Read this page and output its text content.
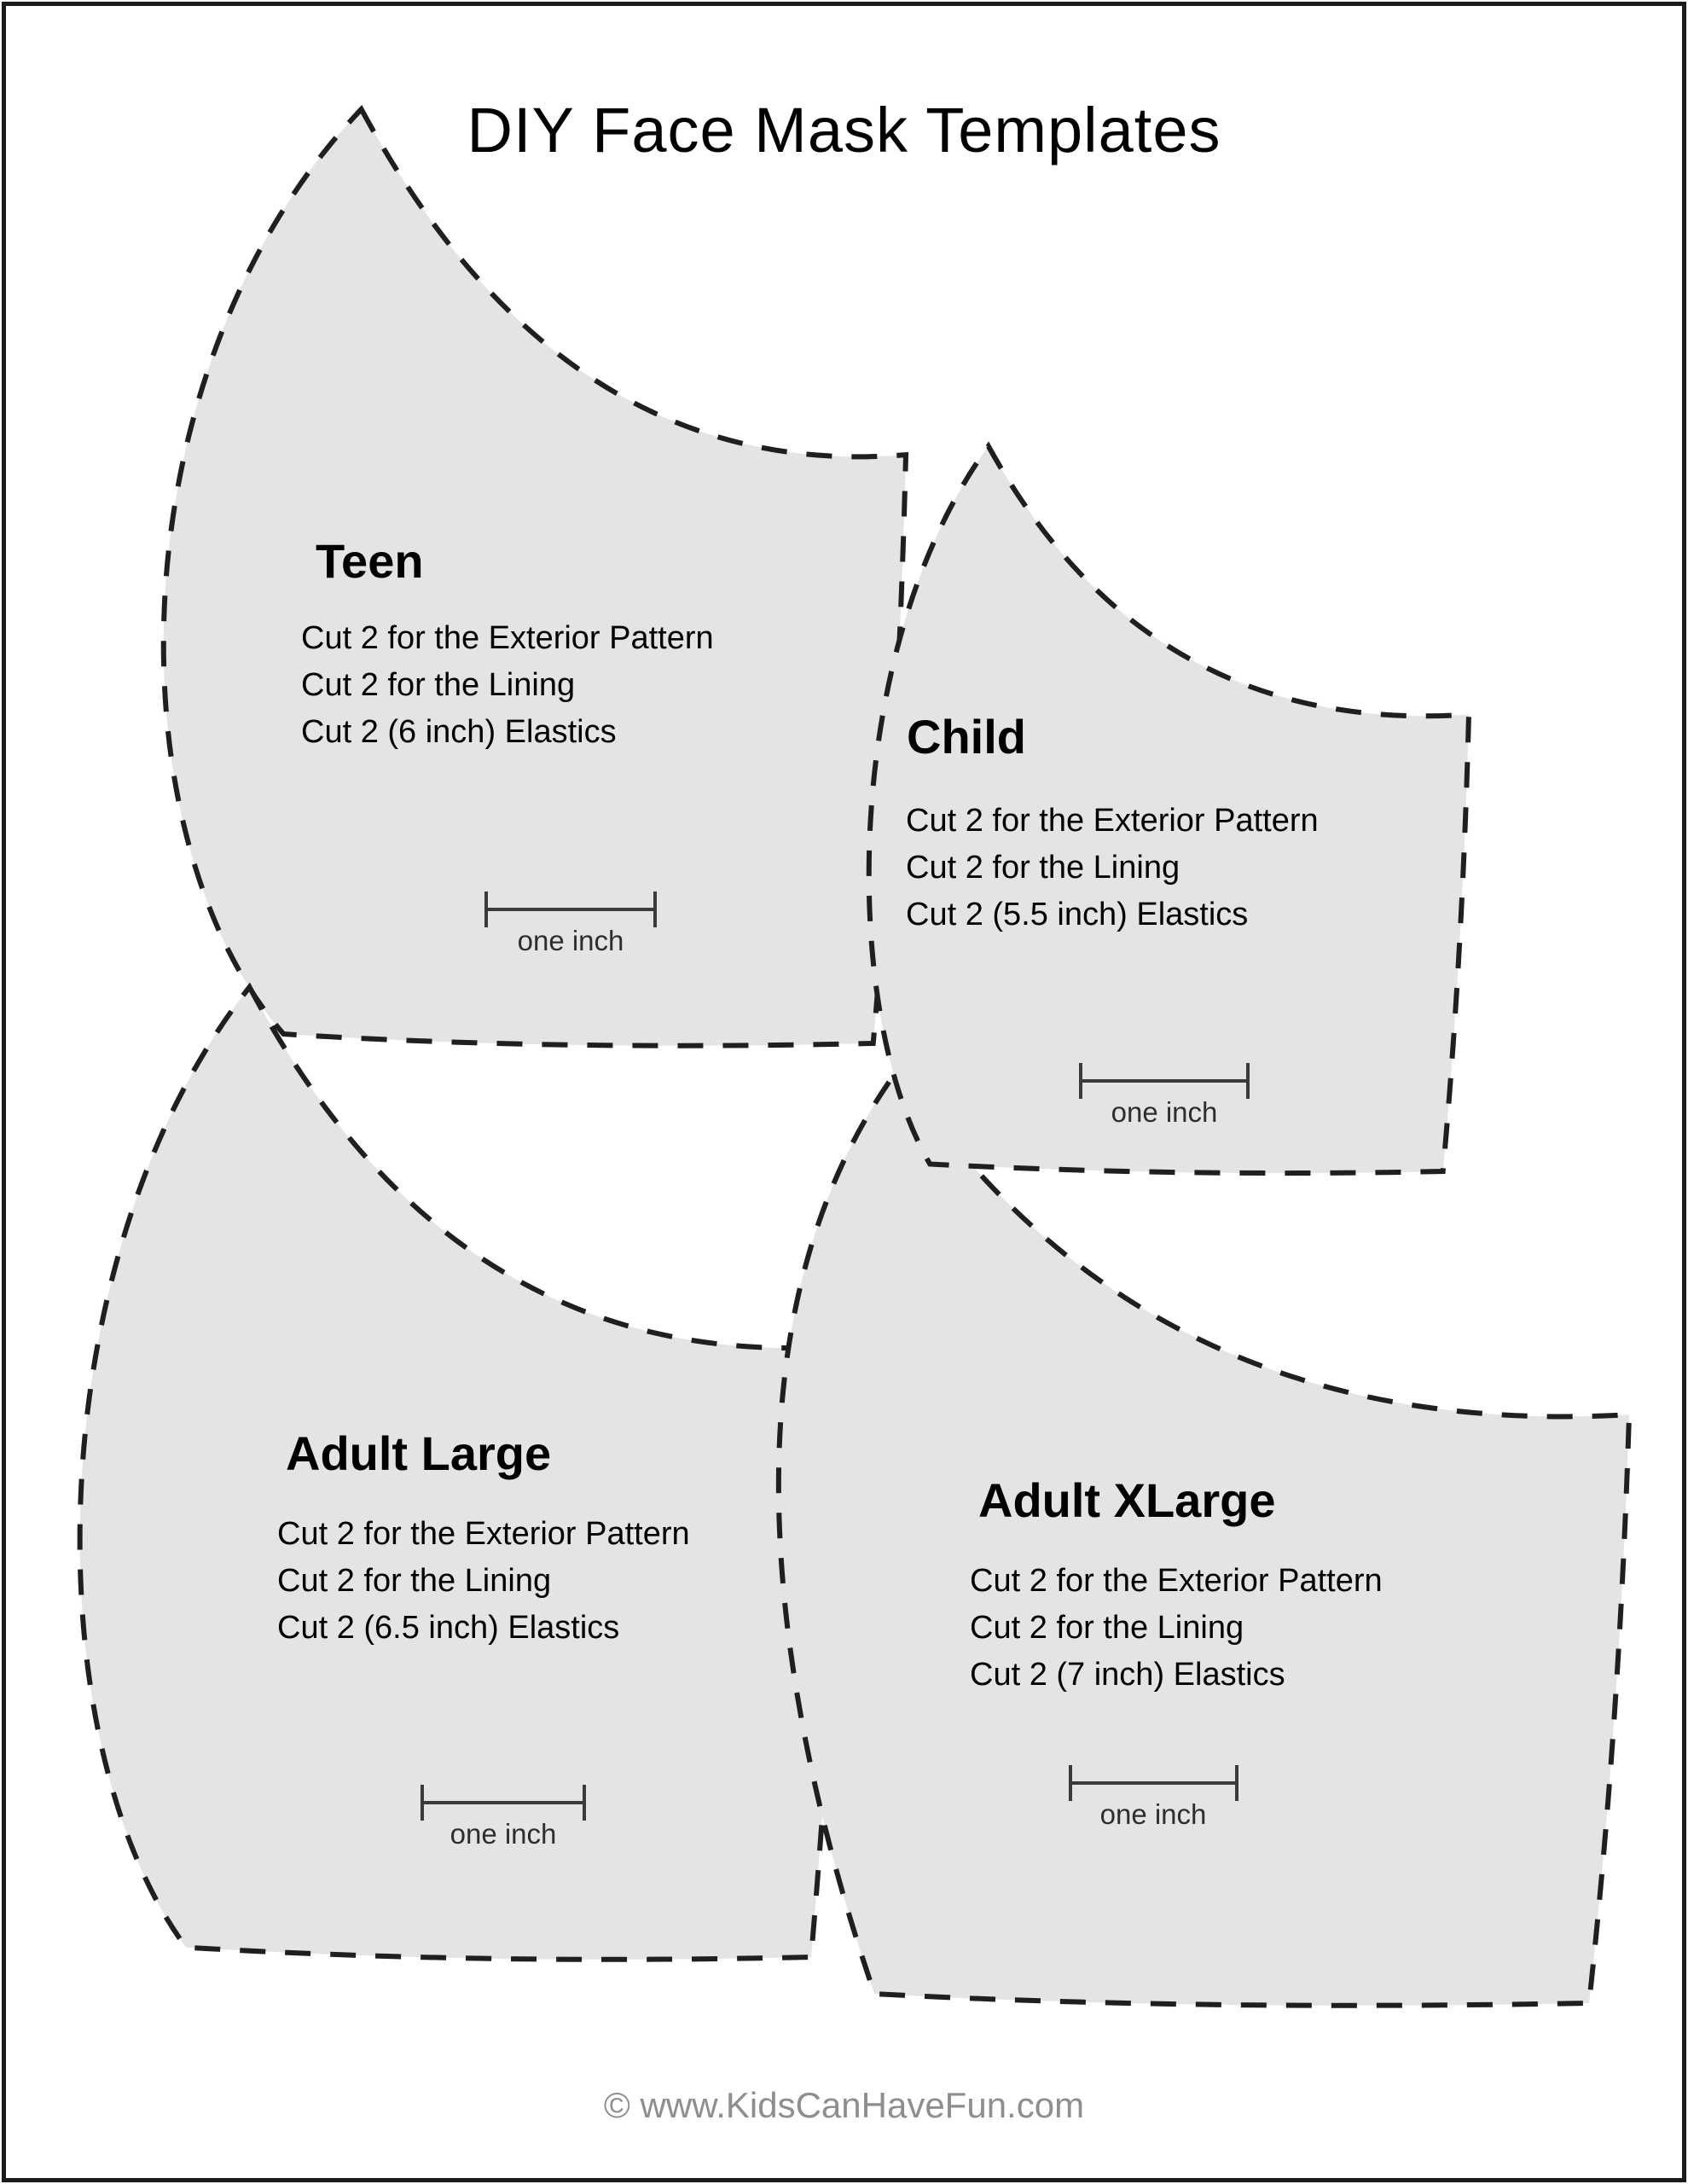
DIY Face Mask Templates
Teen
Cut 2 for the Exterior Pattern
Cut 2 for the Lining
Cut 2 (6 inch) Elastics
one inch
Adult Large
Cut 2 for the Exterior Pattern
Cut 2 for the Lining
Cut 2 (6.5 inch) Elastics
one inch
Adult XLarge
Cut 2 for the Exterior Pattern
Cut 2 for the Lining
Cut 2 (7 inch) Elastics
one inch
Child
Cut 2 for the Exterior Pattern
Cut 2 for the Lining
Cut 2 (5.5 inch) Elastics
one inch
© www.KidsCanHaveFun.com
